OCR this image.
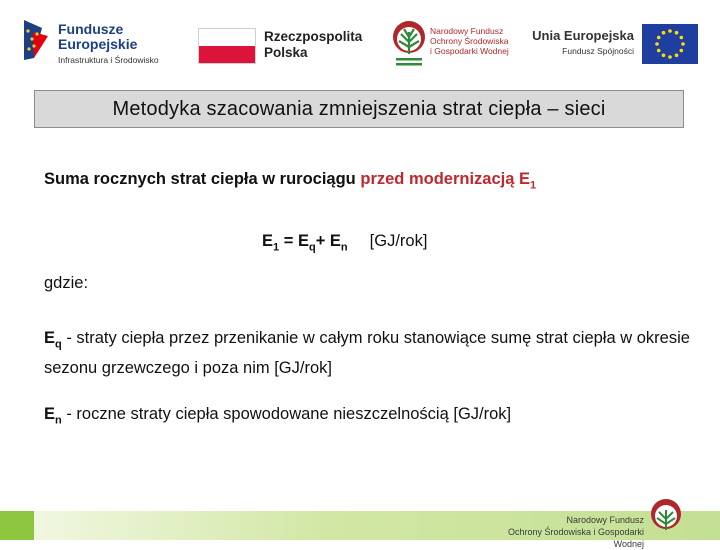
Fundusze
Europejskie
Infrastruktura i Środowisko
Rzeczpospolita
Polska
Narodowy Fundusz
Ochrony Środowiska
i Gospodarki Wodnej
Unia Europejska
Fundusz Spójności
Metodyka szacowania zmniejszenia strat ciepła – sieci
Suma rocznych strat ciepła w rurociągu przed modernizacją $E_1$
$E_1 = E_q+ E_n$ [GJ/rok]
gdzie:
$E_q$ - straty ciepła przez przenikanie w całym roku stanowiące sumę strat ciepła w okresie sezonu grzewczego i poza nim [GJ/rok]
$E_n$ - roczne straty ciepła spowodowane nieszczelnością [GJ/rok]
Narodowy Fundusz
Ochrony Środowiska i Gospodarki Wodnej
